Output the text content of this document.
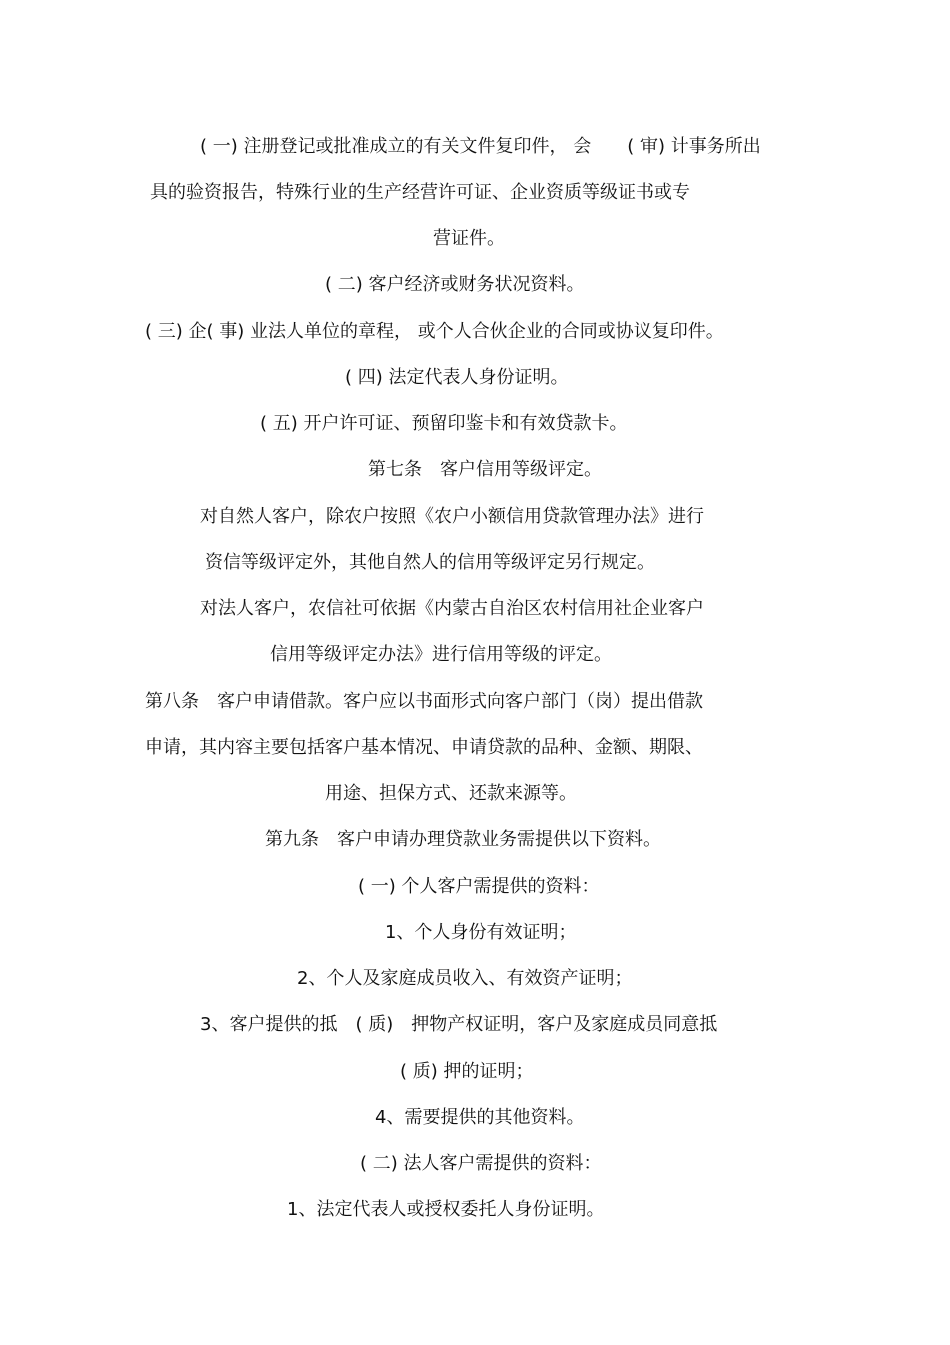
( 一) 注册登记或批准成立的有关文件复印件， 会　　( 审) 计事务所出

具的验资报告，特殊行业的生产经营许可证、企业资质等级证书或专

营证件。

( 二) 客户经济或财务状况资料。

( 三) 企( 事) 业法人单位的章程， 或个人合伙企业的合同或协议复印件。

( 四) 法定代表人身份证明。

( 五) 开户许可证、预留印鉴卡和有效贷款卡。

第七条　客户信用等级评定。

对自然人客户，除农户按照《农户小额信用贷款管理办法》进行

资信等级评定外，其他自然人的信用等级评定另行规定。

对法人客户，农信社可依据《内蒙古自治区农村信用社企业客户

信用等级评定办法》进行信用等级的评定。

第八条　客户申请借款。客户应以书面形式向客户部门（岗）提出借款

申请，其内容主要包括客户基本情况、申请贷款的品种、金额、期限、

用途、担保方式、还款来源等。

第九条　客户申请办理贷款业务需提供以下资料。

( 一) 个人客户需提供的资料：

1、个人身份有效证明；

2、个人及家庭成员收入、有效资产证明；

3、客户提供的抵　( 质)　押物产权证明，客户及家庭成员同意抵

( 质) 押的证明；

4、需要提供的其他资料。

( 二) 法人客户需提供的资料：

1、法定代表人或授权委托人身份证明。
